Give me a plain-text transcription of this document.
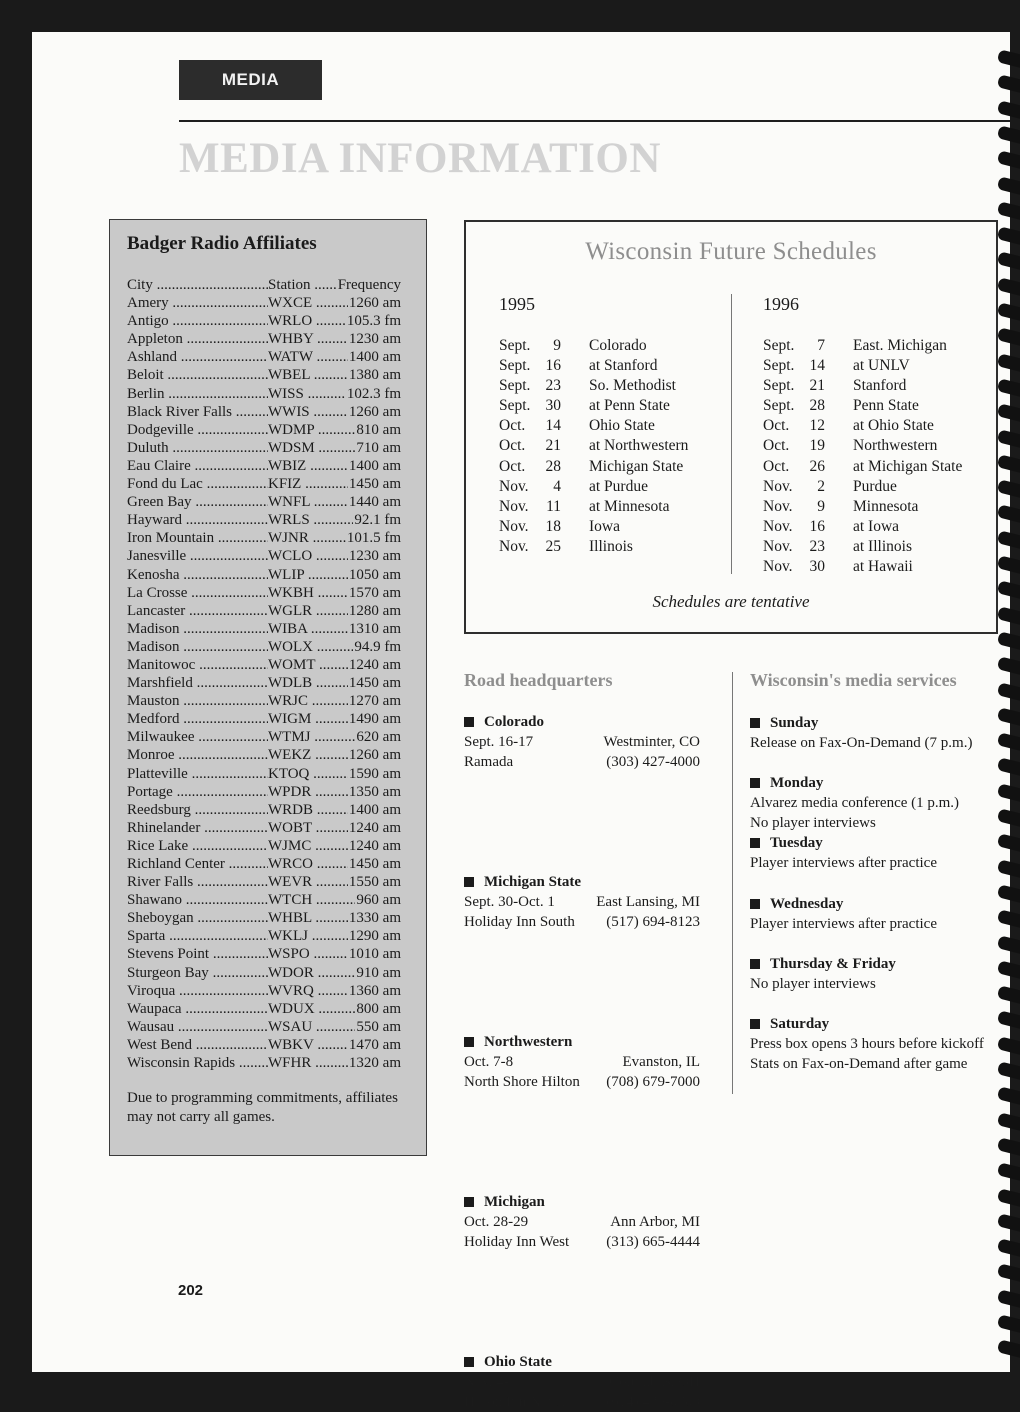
MEDIA
MEDIA INFORMATION
Badger Radio Affiliates
City .....	Station .....	Frequency
Amery .....	WXCE .....	1260 am
Antigo .....	WRLO .....	105.3 fm
Appleton .....	WHBY .....	1230 am
Ashland .....	WATW .....	1400 am
Beloit .....	WBEL .....	1380 am
Berlin .....	WISS .....	102.3 fm
Black River Falls .....	WWIS .....	1260 am
Dodgeville .....	WDMP .....	810 am
Duluth .....	WDSM .....	710 am
Eau Claire .....	WBIZ .....	1400 am
Fond du Lac .....	KFIZ .....	1450 am
Green Bay .....	WNFL .....	1440 am
Hayward .....	WRLS .....	92.1 fm
Iron Mountain .....	WJNR .....	101.5 fm
Janesville .....	WCLO .....	1230 am
Kenosha .....	WLIP .....	1050 am
La Crosse .....	WKBH .....	1570 am
Lancaster .....	WGLR .....	1280 am
Madison .....	WIBA .....	1310 am
Madison .....	WOLX .....	94.9 fm
Manitowoc .....	WOMT .....	1240 am
Marshfield .....	WDLB .....	1450 am
Mauston .....	WRJC .....	1270 am
Medford .....	WIGM .....	1490 am
Milwaukee .....	WTMJ .....	620 am
Monroe .....	WEKZ .....	1260 am
Platteville .....	KTOQ .....	1590 am
Portage .....	WPDR .....	1350 am
Reedsburg .....	WRDB .....	1400 am
Rhinelander .....	WOBT .....	1240 am
Rice Lake .....	WJMC .....	1240 am
Richland Center .....	WRCO .....	1450 am
River Falls .....	WEVR .....	1550 am
Shawano .....	WTCH .....	960 am
Sheboygan .....	WHBL .....	1330 am
Sparta .....	WKLJ .....	1290 am
Stevens Point .....	WSPO .....	1010 am
Sturgeon Bay .....	WDOR .....	910 am
Viroqua .....	WVRQ .....	1360 am
Waupaca .....	WDUX .....	800 am
Wausau .....	WSAU .....	550 am
West Bend .....	WBKV .....	1470 am
Wisconsin Rapids .....	WFHR .....	1320 am

Due to programming commitments, affiliates may not carry all games.

Wisconsin Future Schedules
1995	1996
Sept.	9 Colorado
Sept. 16 at Stanford
Sept. 23 So. Methodist
Sept. 30 at Penn State
Oct.	14 Ohio State
Oct.	21 at Northwestern
Oct.	28 Michigan State
Nov.	4 at Purdue
Nov.	11 at Minnesota
Nov.	18 Iowa
Nov.	25 Illinois
Sept.	7 East. Michigan
Sept. 14 at UNLV
Sept. 21 Stanford
Sept. 28 Penn State
Oct.	12 at Ohio State
Oct.	19 Northwestern
Oct.	26 at Michigan State
Nov.	2 Purdue
Nov.	9 Minnesota
Nov.	16 at Iowa
Nov.	23 at Illinois
Nov.	30 at Hawaii
Schedules are tentative
Road headquarters	Wisconsin's media services
Colorado
Sept. 16-17	Westminter, CO
Ramada	(303) 427-4000
Michigan State
Sept. 30-Oct. 1	East Lansing, MI
Holiday Inn South (517) 694-8123
Northwestern
Oct. 7-8	Evanston, IL
North Shore Hilton (708) 679-7000
Michigan
Oct. 28-29	Ann Arbor, MI
Holiday Inn West (313) 665-4444
Ohio State
Nov. 4-5	Columbus, OH
Hilton Inn North	(614) 436-0700
Sunday
Release on Fax-On-Demand (7 p.m.)
Monday
Alvarez media conference (1 p.m.)
No player interviews
Tuesday
Player interviews after practice
Wednesday
Player interviews after practice
Thursday & Friday
No player interviews
Saturday
Press box opens 3 hours before kickoff
Stats on Fax-on-Demand after game
202
